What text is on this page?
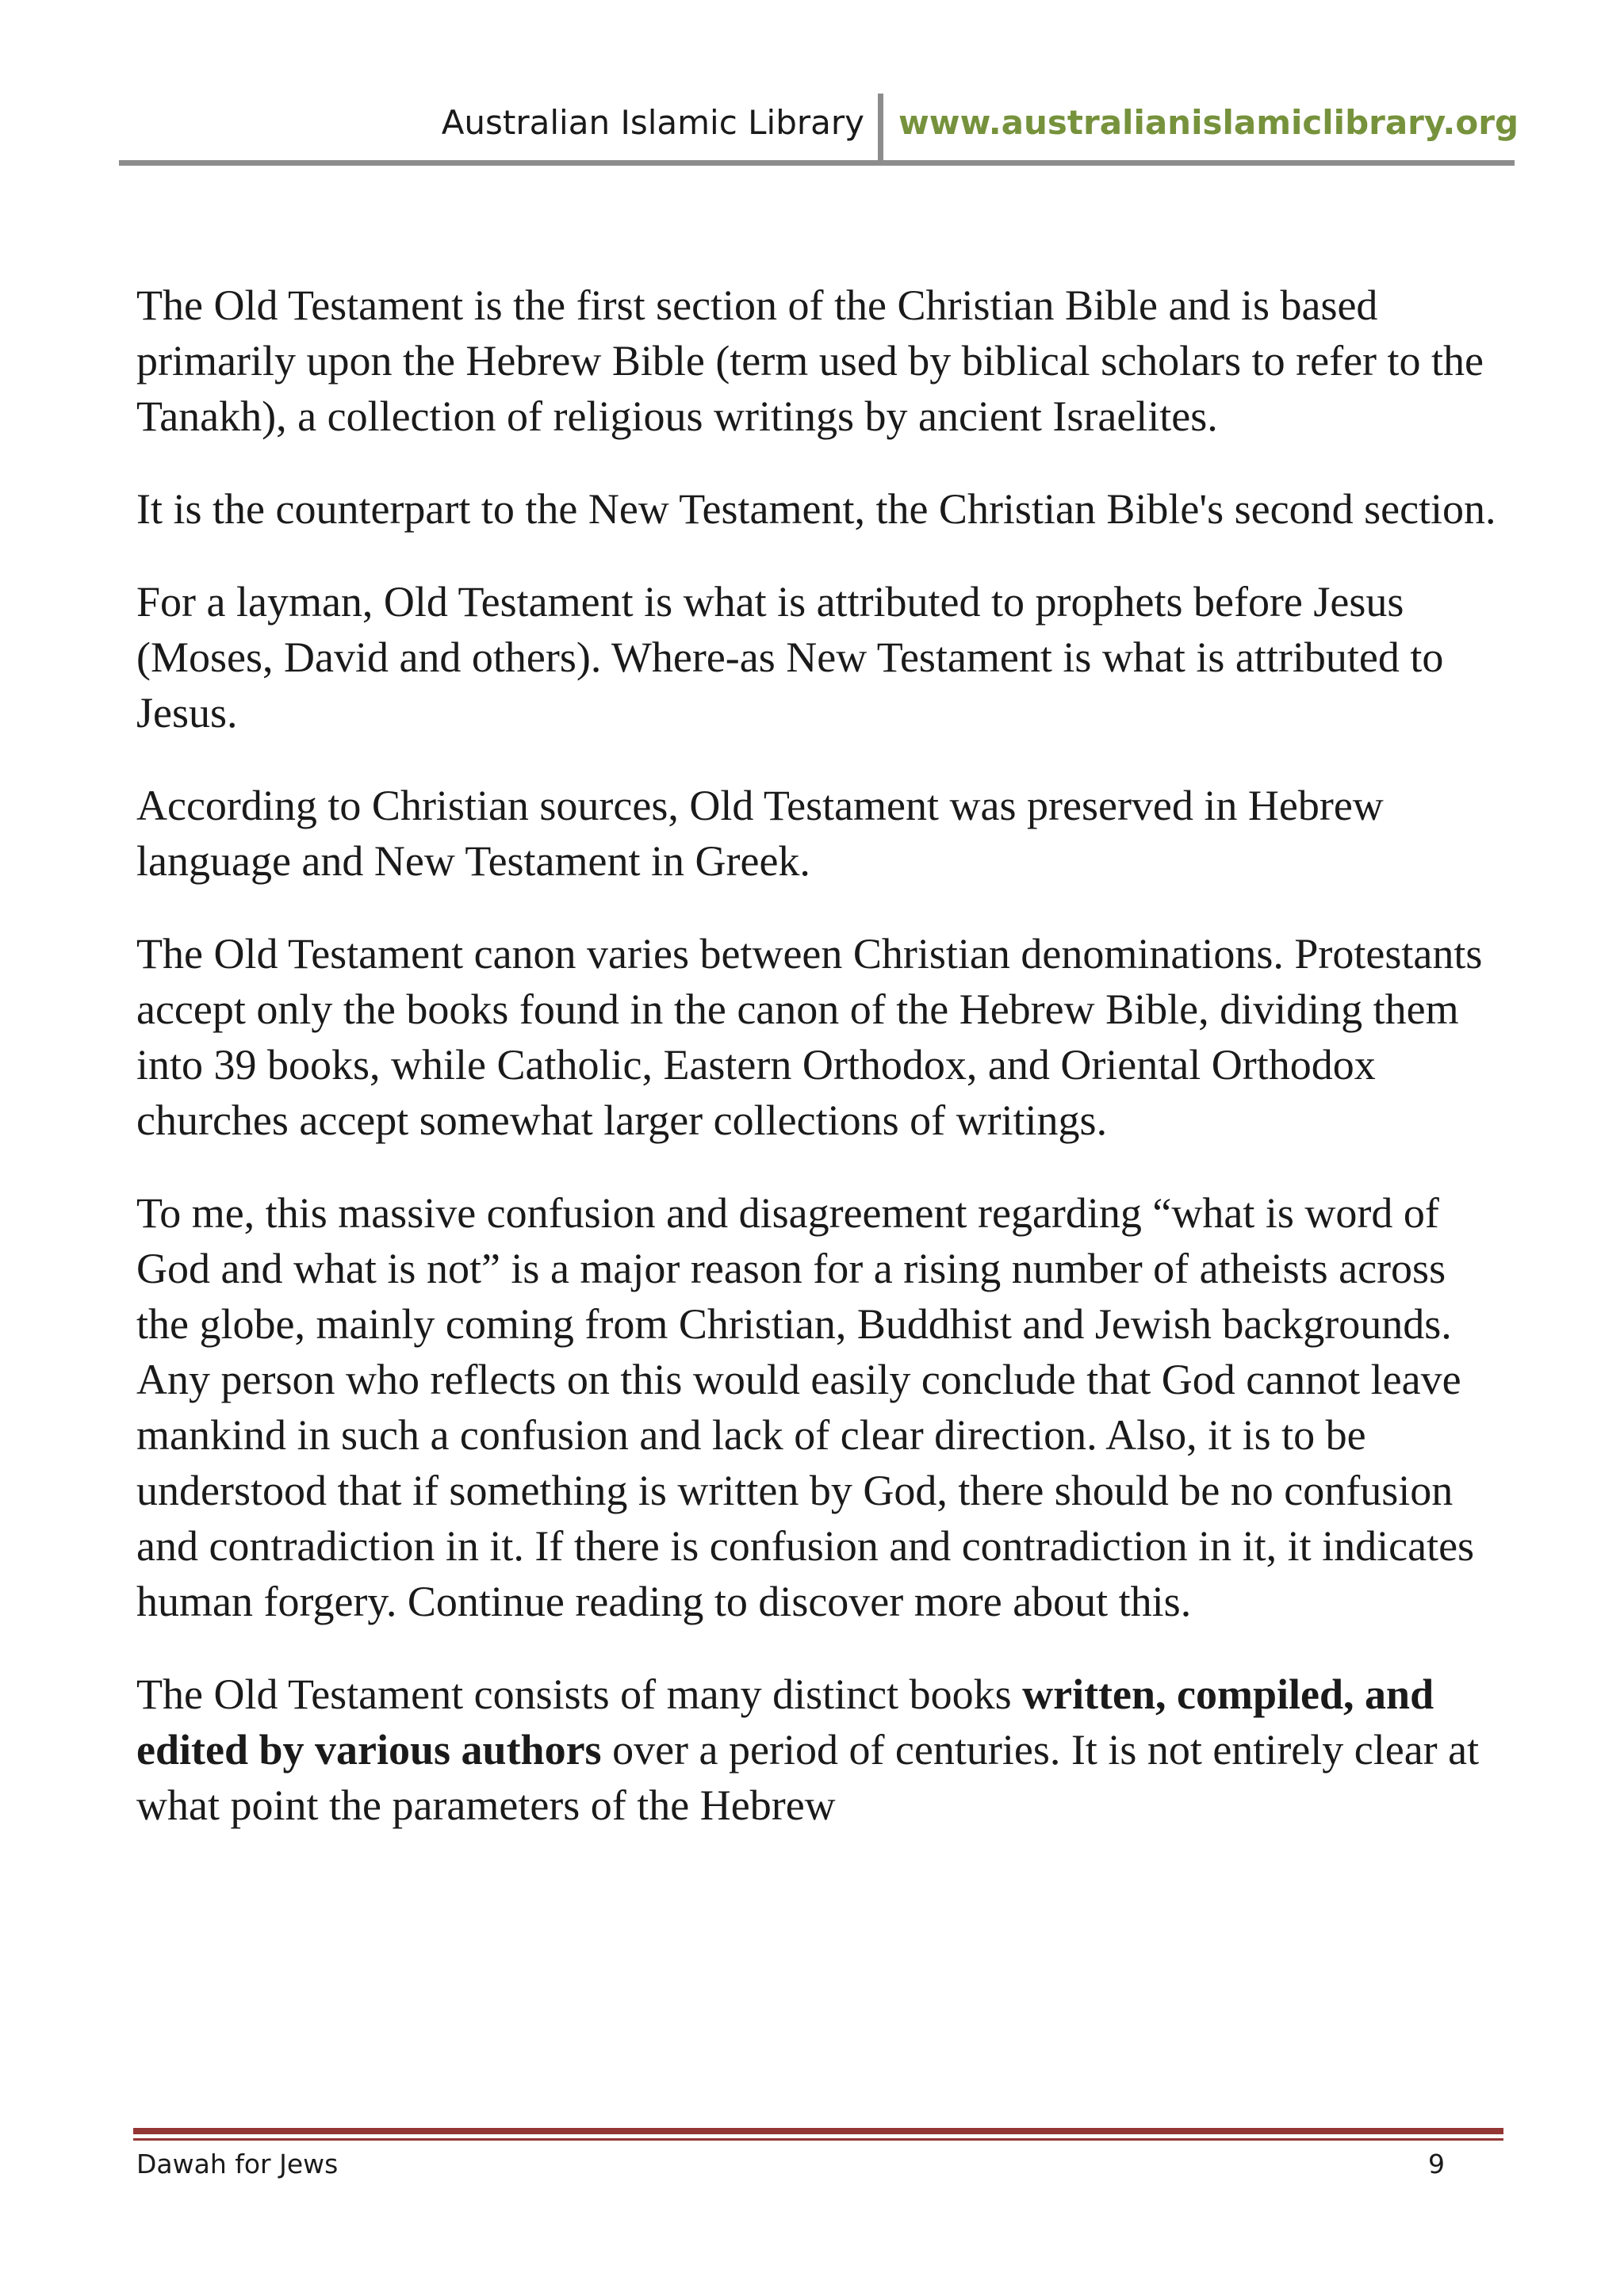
Australian Islamic Library www.australianislamiclibrary.org

The Old Testament is the first section of the Christian Bible and is based primarily upon the Hebrew Bible (term used by biblical scholars to refer to the Tanakh), a collection of religious writings by ancient Israelites.

It is the counterpart to the New Testament, the Christian Bible's second section.

For a layman, Old Testament is what is attributed to prophets before Jesus (Moses, David and others). Where-as New Testament is what is attributed to Jesus.

According to Christian sources, Old Testament was preserved in Hebrew language and New Testament in Greek.

The Old Testament canon varies between Christian denominations. Protestants accept only the books found in the canon of the Hebrew Bible, dividing them into 39 books, while Catholic, Eastern Orthodox, and Oriental Orthodox churches accept somewhat larger collections of writings.

To me, this massive confusion and disagreement regarding “what is word of God and what is not” is a major reason for a rising number of atheists across the globe, mainly coming from Christian, Buddhist and Jewish backgrounds. Any person who reflects on this would easily conclude that God cannot leave mankind in such a confusion and lack of clear direction. Also, it is to be understood that if something is written by God, there should be no confusion and contradiction in it. If there is confusion and contradiction in it, it indicates human forgery. Continue reading to discover more about this.

The Old Testament consists of many distinct books written, compiled, and edited by various authors over a period of centuries. It is not entirely clear at what point the parameters of the Hebrew

Dawah for Jews	9
